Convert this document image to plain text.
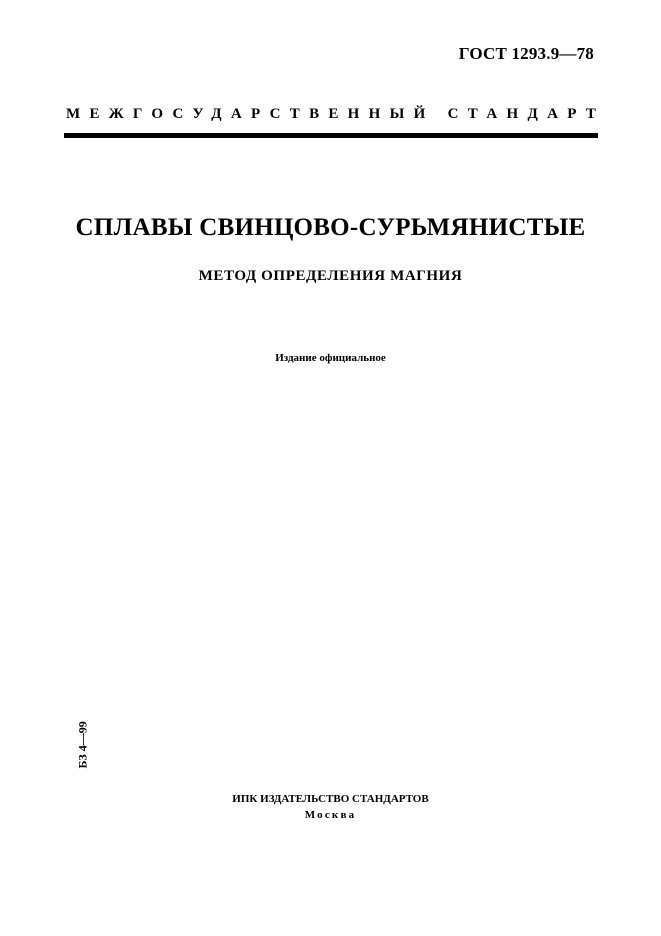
ГОСТ 1293.9—78
МЕЖГОСУДАРСТВЕННЫЙ СТАНДАРТ
СПЛАВЫ СВИНЦОВО-СУРЬМЯНИСТЫЕ
МЕТОД ОПРЕДЕЛЕНИЯ МАГНИЯ
Издание официальное
БЗ 4—99
ИПК ИЗДАТЕЛЬСТВО СТАНДАРТОВ
Москва
